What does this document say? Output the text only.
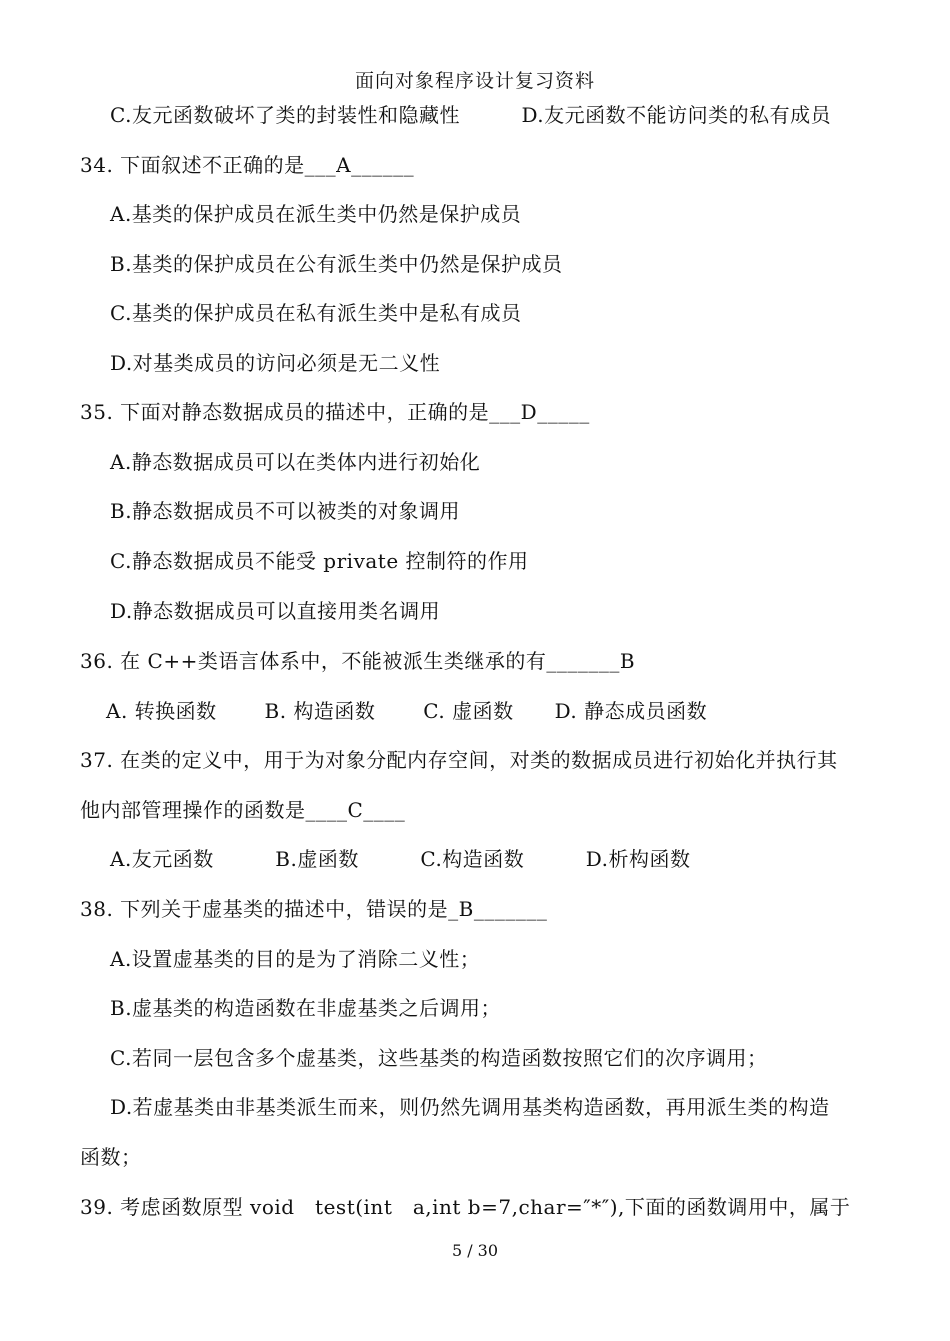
面向对象程序设计复习资料
C.友元函数破坏了类的封装性和隐藏性　　　D.友元函数不能访问类的私有成员
34. 下面叙述不正确的是___A______
A.基类的保护成员在派生类中仍然是保护成员
B.基类的保护成员在公有派生类中仍然是保护成员
C.基类的保护成员在私有派生类中是私有成员
D.对基类成员的访问必须是无二义性
35. 下面对静态数据成员的描述中，正确的是___D_____
A.静态数据成员可以在类体内进行初始化
B.静态数据成员不可以被类的对象调用
C.静态数据成员不能受 private 控制符的作用
D.静态数据成员可以直接用类名调用
36. 在 C++类语言体系中，不能被派生类继承的有_______B
A. 转换函数　　 B. 构造函数　　 C. 虚函数　　D. 静态成员函数
37. 在类的定义中，用于为对象分配内存空间，对类的数据成员进行初始化并执行其
他内部管理操作的函数是____C____
A.友元函数　　　B.虚函数　　　C.构造函数　　　D.析构函数
38. 下列关于虚基类的描述中，错误的是_B_______
A.设置虚基类的目的是为了消除二义性；
B.虚基类的构造函数在非虚基类之后调用；
C.若同一层包含多个虚基类，这些基类的构造函数按照它们的次序调用；
D.若虚基类由非基类派生而来，则仍然先调用基类构造函数，再用派生类的构造
函数；
39. 考虑函数原型 void　test(int　a,int b=7,char=″*″),下面的函数调用中，属于
5 / 30
